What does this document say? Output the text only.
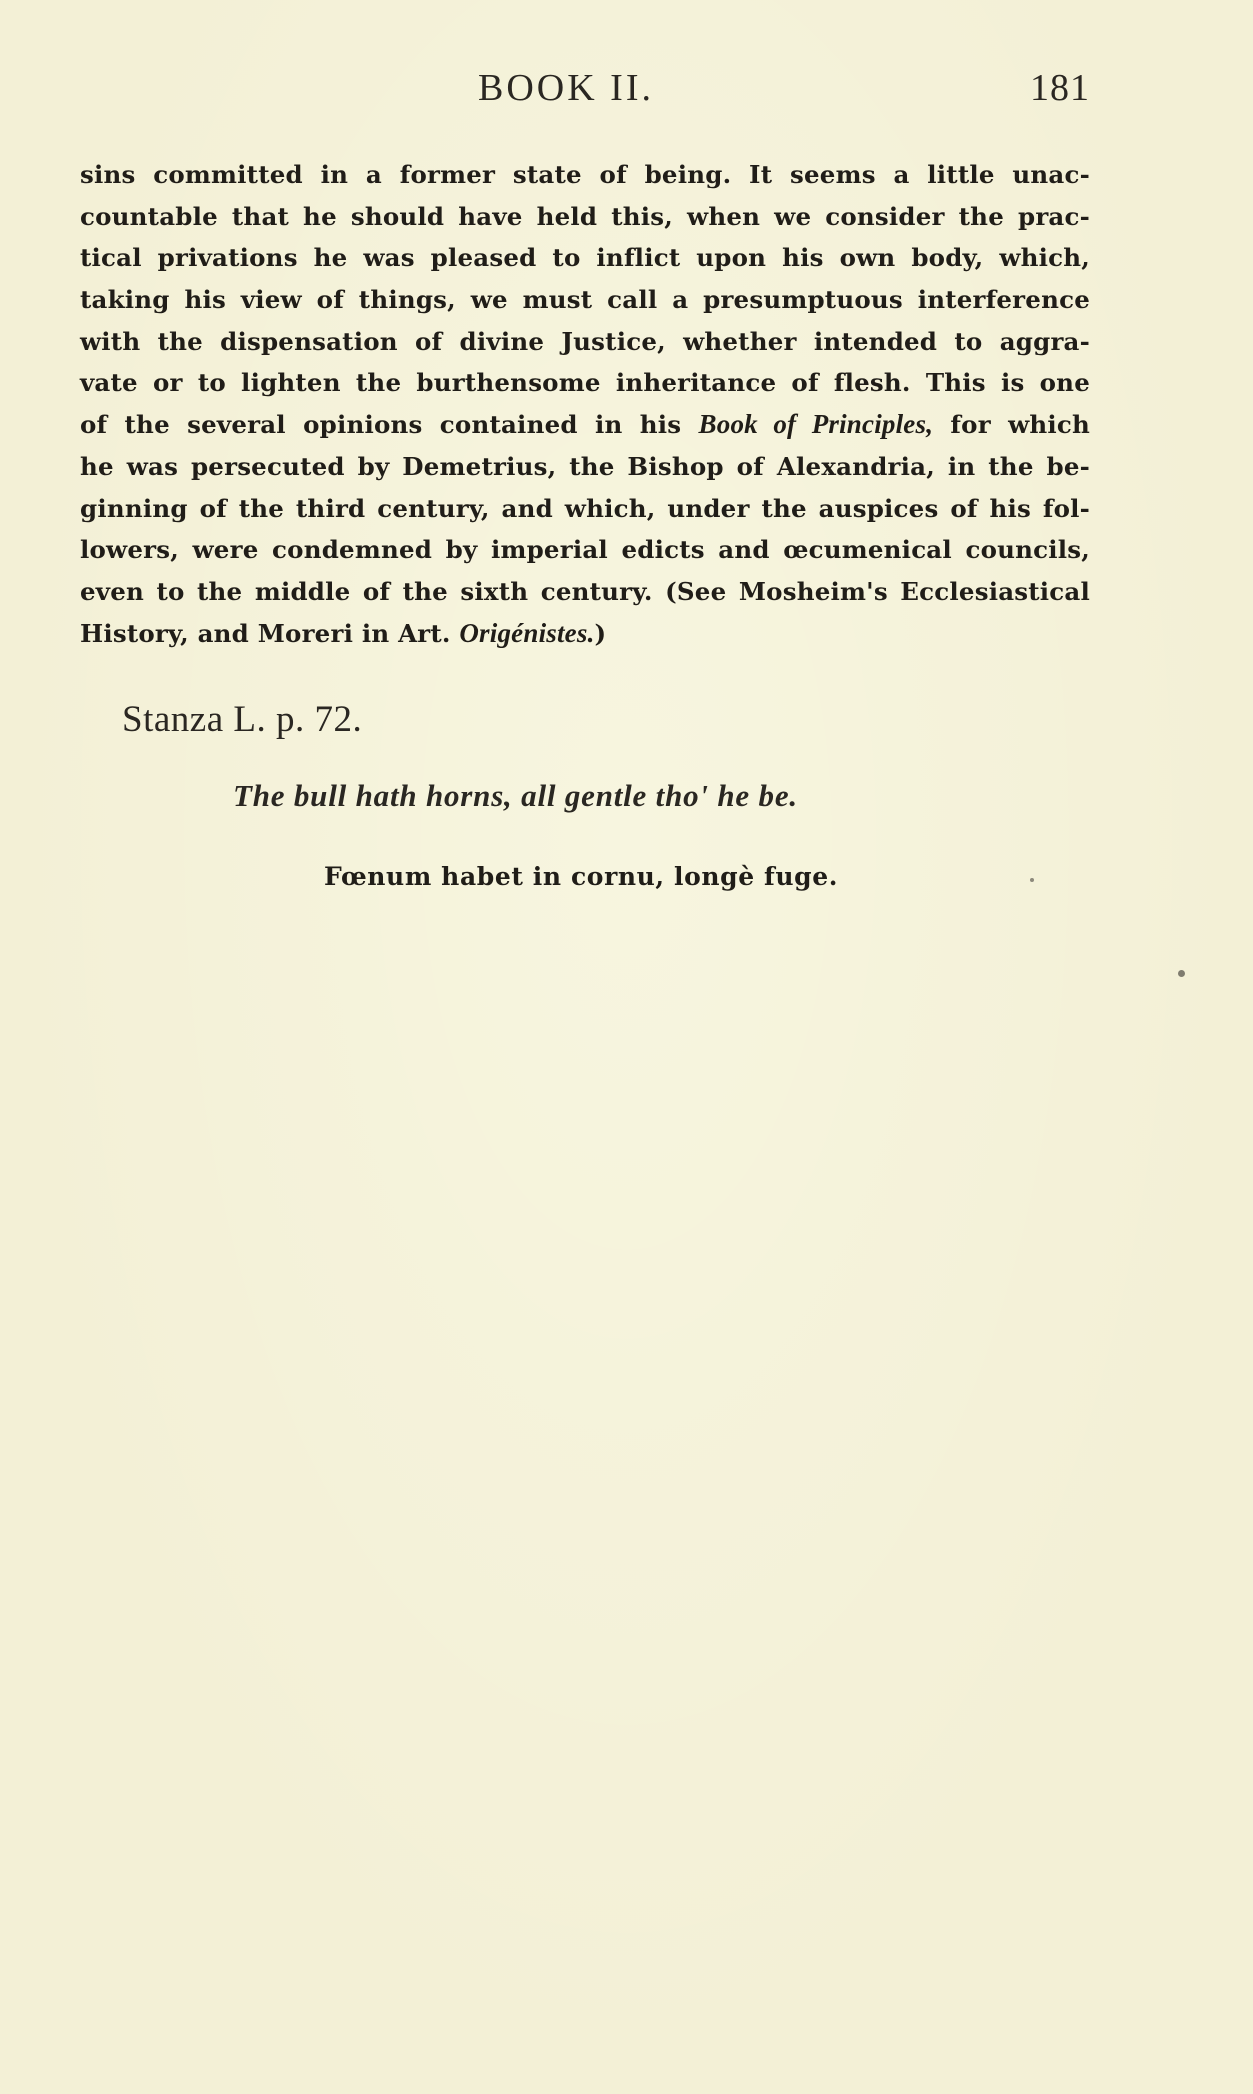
BOOK II.	181
sins committed in a former state of being. It seems a little unac-
countable that he should have held this, when we consider the prac-
tical privations he was pleased to inflict upon his own body, which,
taking his view of things, we must call a presumptuous interference
with the dispensation of divine Justice, whether intended to aggra-
vate or to lighten the burthensome inheritance of flesh. This is one
of the several opinions contained in his Book of Principles, for which
he was persecuted by Demetrius, the Bishop of Alexandria, in the be-
ginning of the third century, and which, under the auspices of his fol-
lowers, were condemned by imperial edicts and œcumenical councils,
even to the middle of the sixth century. (See Mosheim's Ecclesiastical
History, and Moreri in Art. Origénistes.)
Stanza L. p. 72.
The bull hath horns, all gentle tho' he be.
Fœnum habet in cornu, longè fuge.
